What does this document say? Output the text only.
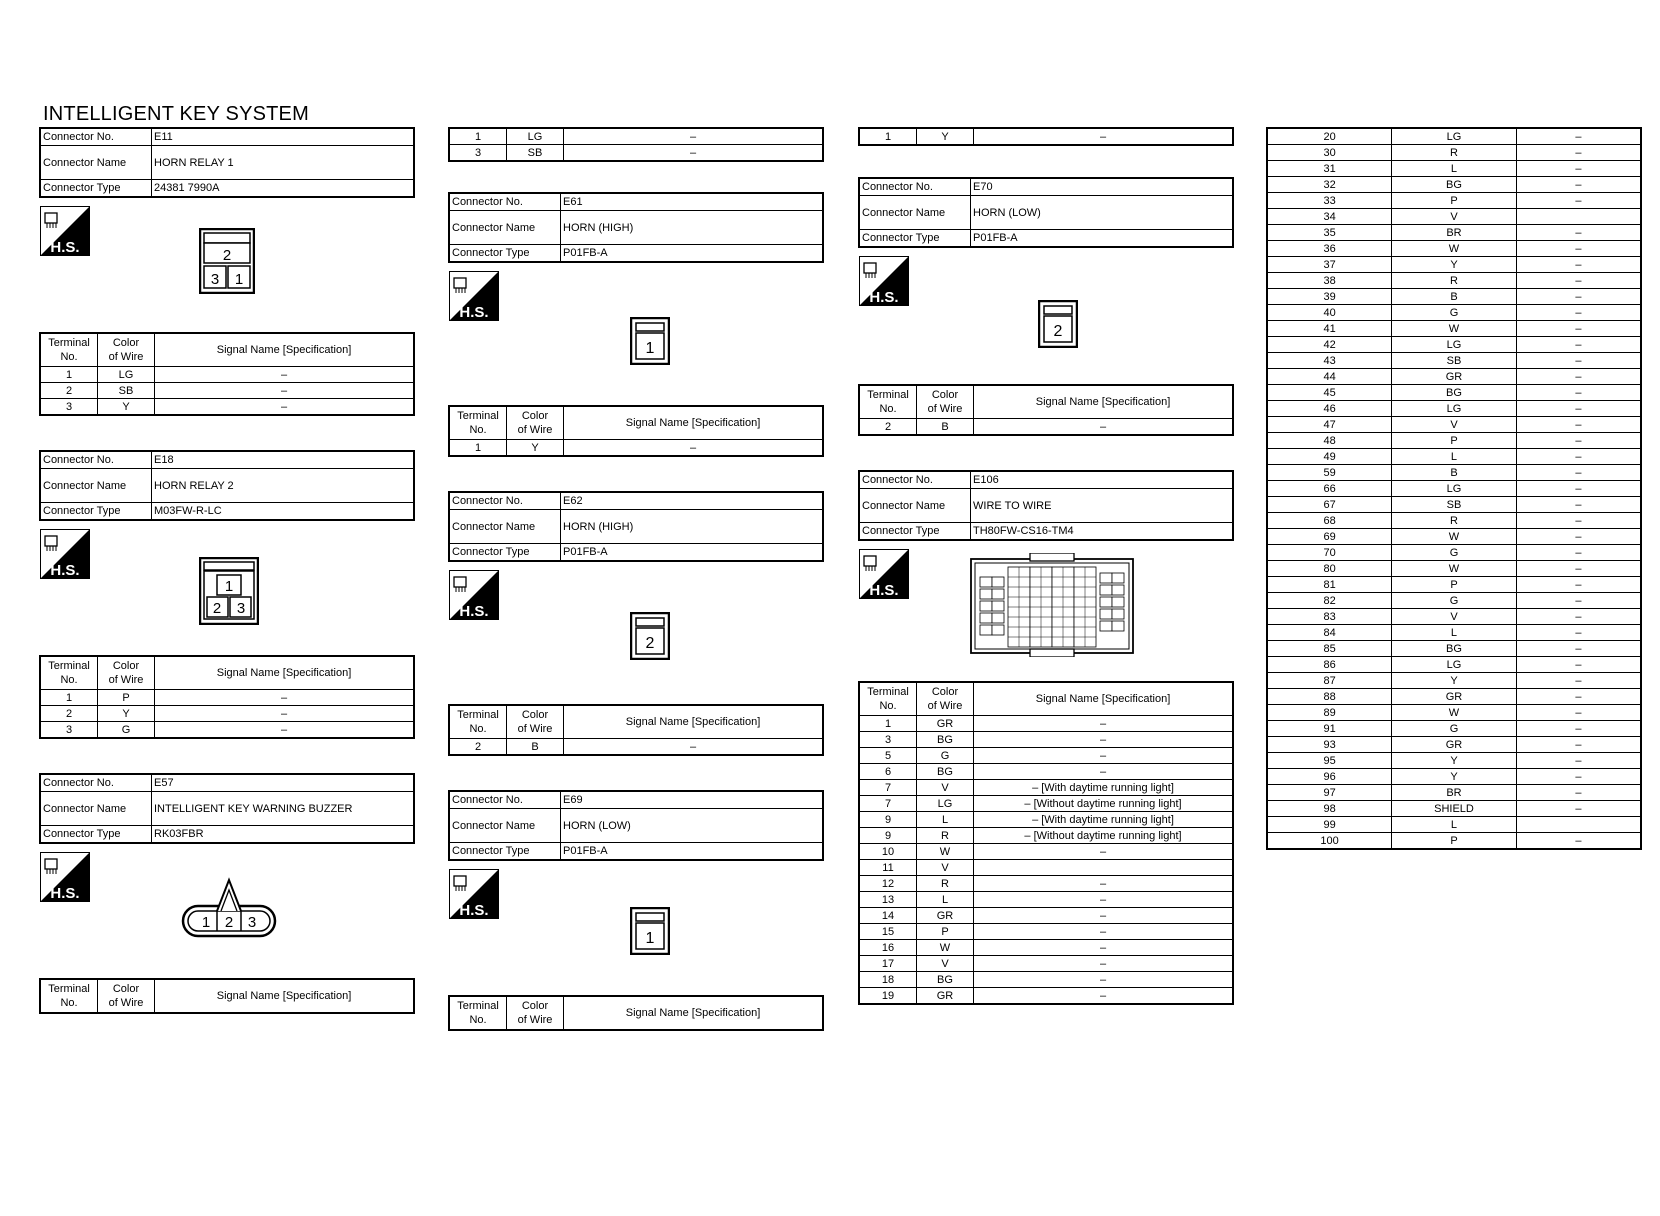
INTELLIGENT KEY SYSTEM
Connector No.	E11
Connector Name	HORN RELAY 1
Connector Type	24381 7990A
H.S.	2
3 1
Terminal
No.	Color
of Wire	Signal Name [Specification]
1	LG	–
2	SB	–
3	Y	–
Connector No.	E18
Connector Name	HORN RELAY 2
Connector Type	M03FW-R-LC
H.S.
1
2 3
Terminal
No.	Color
of Wire	Signal Name [Specification]
1	P	–
2	Y	–
3	G	–
Connector No.	E57
Connector Name	INTELLIGENT KEY WARNING BUZZER
Connector Type	RK03FBR
H.S.
1 2 3
Terminal
No.	Color
of Wire	Signal Name [Specification]
1	LG	–
3	SB	–
Connector No.	E61
Connector Name	HORN (HIGH)
Connector Type	P01FB-A
H.S.
1
Terminal
No.	Color
of Wire	Signal Name [Specification]
1	Y	–
Connector No.	E62
Connector Name	HORN (HIGH)
Connector Type	P01FB-A
H.S.
2
Terminal
No.	Color
of Wire	Signal Name [Specification]
2	B	–
Connector No.	E69
Connector Name	HORN (LOW)
Connector Type	P01FB-A
H.S.
1
Terminal
No.	Color
of Wire	Signal Name [Specification]
1	Y	–
Connector No.	E70
Connector Name	HORN (LOW)
Connector Type	P01FB-A
H.S.
2
Terminal
No.	Color
of Wire	Signal Name [Specification]
2	B	–
Connector No.	E106
Connector Name	WIRE TO WIRE
Connector Type	TH80FW-CS16-TM4
H.S.
Terminal
No.	Color
of Wire	Signal Name [Specification]
1	GR	–
3	BG	–
5	G	–
6	BG	–
7	V	– [With daytime running light]
7	LG	– [Without daytime running light]
9	L	– [With daytime running light]
9	R	– [Without daytime running light]
10	W	–
11	V	
12	R	–
13	L	–
14	GR	–
15	P	–
16	W	–
17	V	–
18	BG	–
19	GR	–
20	LG	–
30	R	–
31	L	–
32	BG	–
33	P	–
34	V	
35	BR	–
36	W	–
37	Y	–
38	R	–
39	B	–
40	G	–
41	W	–
42	LG	–
43	SB	–
44	GR	–
45	BG	–
46	LG	–
47	V	–
48	P	–
49	L	–
59	B	–
66	LG	–
67	SB	–
68	R	–
69	W	–
70	G	–
80	W	–
81	P	–
82	G	–
83	V	–
84	L	–
85	BG	–
86	LG	–
87	Y	–
88	GR	–
89	W	–
91	G	–
93	GR	–
95	Y	–
96	Y	–
97	BR	–
98	SHIELD	–
99	L	
100	P	–
